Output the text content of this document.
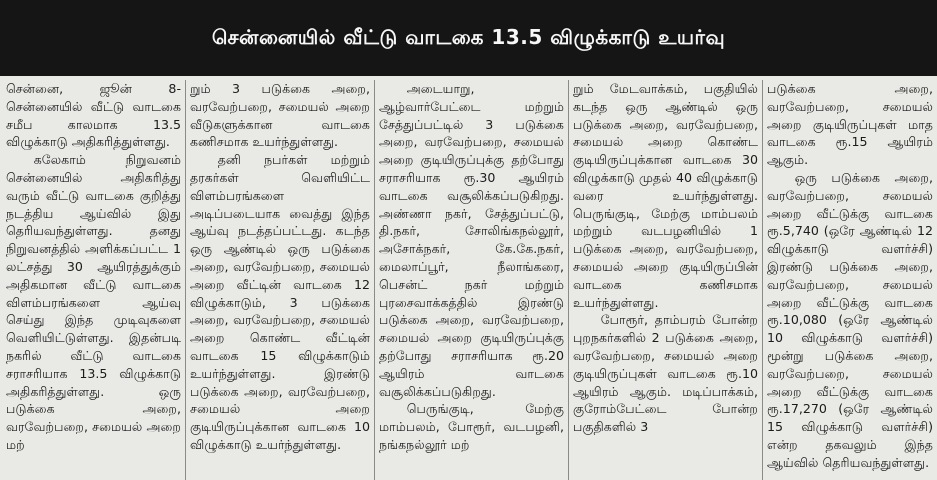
சென்னையில் வீட்டு வாடகை 13.5 விழுக்காடு உயர்வு

சென்னை, ஜூன் 8- சென்னையில் வீட்டு வாடகை சமீப காலமாக 13.5 விழுக்காடு அதிகரித்துள்ளது.

கலேகாம் நிறுவனம் சென்னையில் அதிகரித்து வரும் வீட்டு வாடகை குறித்து நடத்திய ஆய்வில் இது தெரியவந்துள்ளது. தனது நிறுவனத்தில் அளிக்கப்பட்ட 1 லட்சத்து 30 ஆயிரத்துக்கும் அதிகமான வீட்டு வாடகை விளம்பரங்களை ஆய்வு செய்து இந்த முடிவுகளை வெளியிட்டுள்ளது. இதன்படி நகரில் வீட்டு வாடகை சராசரியாக 13.5 விழுக்காடு அதிகரித்துள்ளது. ஒரு படுக்கை அறை, வரவேற்பறை, சமையல் அறை மற்

றும் 3 படுக்கை அறை, வரவேற்பறை, சமையல் அறை வீடுகளுக்கான வாடகை கணிசமாக உயர்ந்துள்ளது.

தனி நபர்கள் மற்றும் தரகர்கள் வெளியிட்ட விளம்பரங்களை அடிப்படையாக வைத்து இந்த ஆய்வு நடத்தப்பட்டது. கடந்த ஒரு ஆண்டில் ஒரு படுக்கை அறை, வரவேற்பறை, சமையல் அறை வீட்டின் வாடகை 12 விழுக்காடும், 3 படுக்கை அறை, வரவேற்பறை, சமையல் அறை கொண்ட வீட்டின் வாடகை 15 விழுக்காடும் உயர்ந்துள்ளது. இரண்டு படுக்கை அறை, வரவேற்பறை, சமையல் அறை குடியிருப்புக்கான வாடகை 10 விழுக்காடு உயர்ந்துள்ளது.

அடையாறு, ஆழ்வார்பேட்டை மற்றும் சேத்துப்பட்டில் 3 படுக்கை அறை, வரவேற்பறை, சமையல் அறை குடியிருப்புக்கு தற்போது சராசரியாக ரூ.30 ஆயிரம் வாடகை வசூலிக்கப்படுகிறது. அண்ணா நகர், சேத்துப்பட்டு, தி.நகர், சோலிங்கநல்லூர், அசோக்நகர், கே.கே.நகர், மைலாப்பூர், நீலாங்கரை, பெசன்ட் நகர் மற்றும் புரசைவாக்கத்தில் இரண்டு படுக்கை அறை, வரவேற்பறை, சமையல் அறை குடியிருப்புக்கு தற்போது சராசரியாக ரூ.20 ஆயிரம் வாடகை வசூலிக்கப்படுகிறது.

பெருங்குடி, மேற்கு மாம்பலம், போரூர், வடபழனி, நங்கநல்லூர் மற்

றும் மேடவாக்கம், பகுதியில் கடந்த ஒரு ஆண்டில் ஒரு படுக்கை அறை, வரவேற்பறை, சமையல் அறை கொண்ட குடியிருப்புக்கான வாடகை 30 விழுக்காடு முதல் 40 விழுக்காடு வரை உயர்ந்துள்ளது. பெருங்குடி, மேற்கு மாம்பலம் மற்றும் வடபழனியில் 1 படுக்கை அறை, வரவேற்பறை, சமையல் அறை குடியிருப்பின் வாடகை கணிசமாக உயர்ந்துள்ளது.

போரூர், தாம்பரம் போன்ற புறநகர்களில் 2 படுக்கை அறை, வரவேற்பறை, சமையல் அறை குடியிருப்புகள் வாடகை ரூ.10 ஆயிரம் ஆகும். மடிப்பாக்கம், குரோம்பேட்டை போன்ற பகுதிகளில் 3

படுக்கை அறை, வரவேற்பறை, சமையல் அறை குடியிருப்புகள் மாத வாடகை ரூ.15 ஆயிரம் ஆகும்.

ஒரு படுக்கை அறை, வரவேற்பறை, சமையல் அறை வீட்டுக்கு வாடகை ரூ.5,740 (ஒரே ஆண்டில் 12 விழுக்காடு வளர்ச்சி) இரண்டு படுக்கை அறை, வரவேற்பறை, சமையல் அறை வீட்டுக்கு வாடகை ரூ.10,080 (ஒரே ஆண்டில் 10 விழுக்காடு வளர்ச்சி) மூன்று படுக்கை அறை, வரவேற்பறை, சமையல் அறை வீட்டுக்கு வாடகை ரூ.17,270 (ஒரே ஆண்டில் 15 விழுக்காடு வளர்ச்சி) என்ற தகவலும் இந்த ஆய்வில் தெரியவந்துள்ளது.
